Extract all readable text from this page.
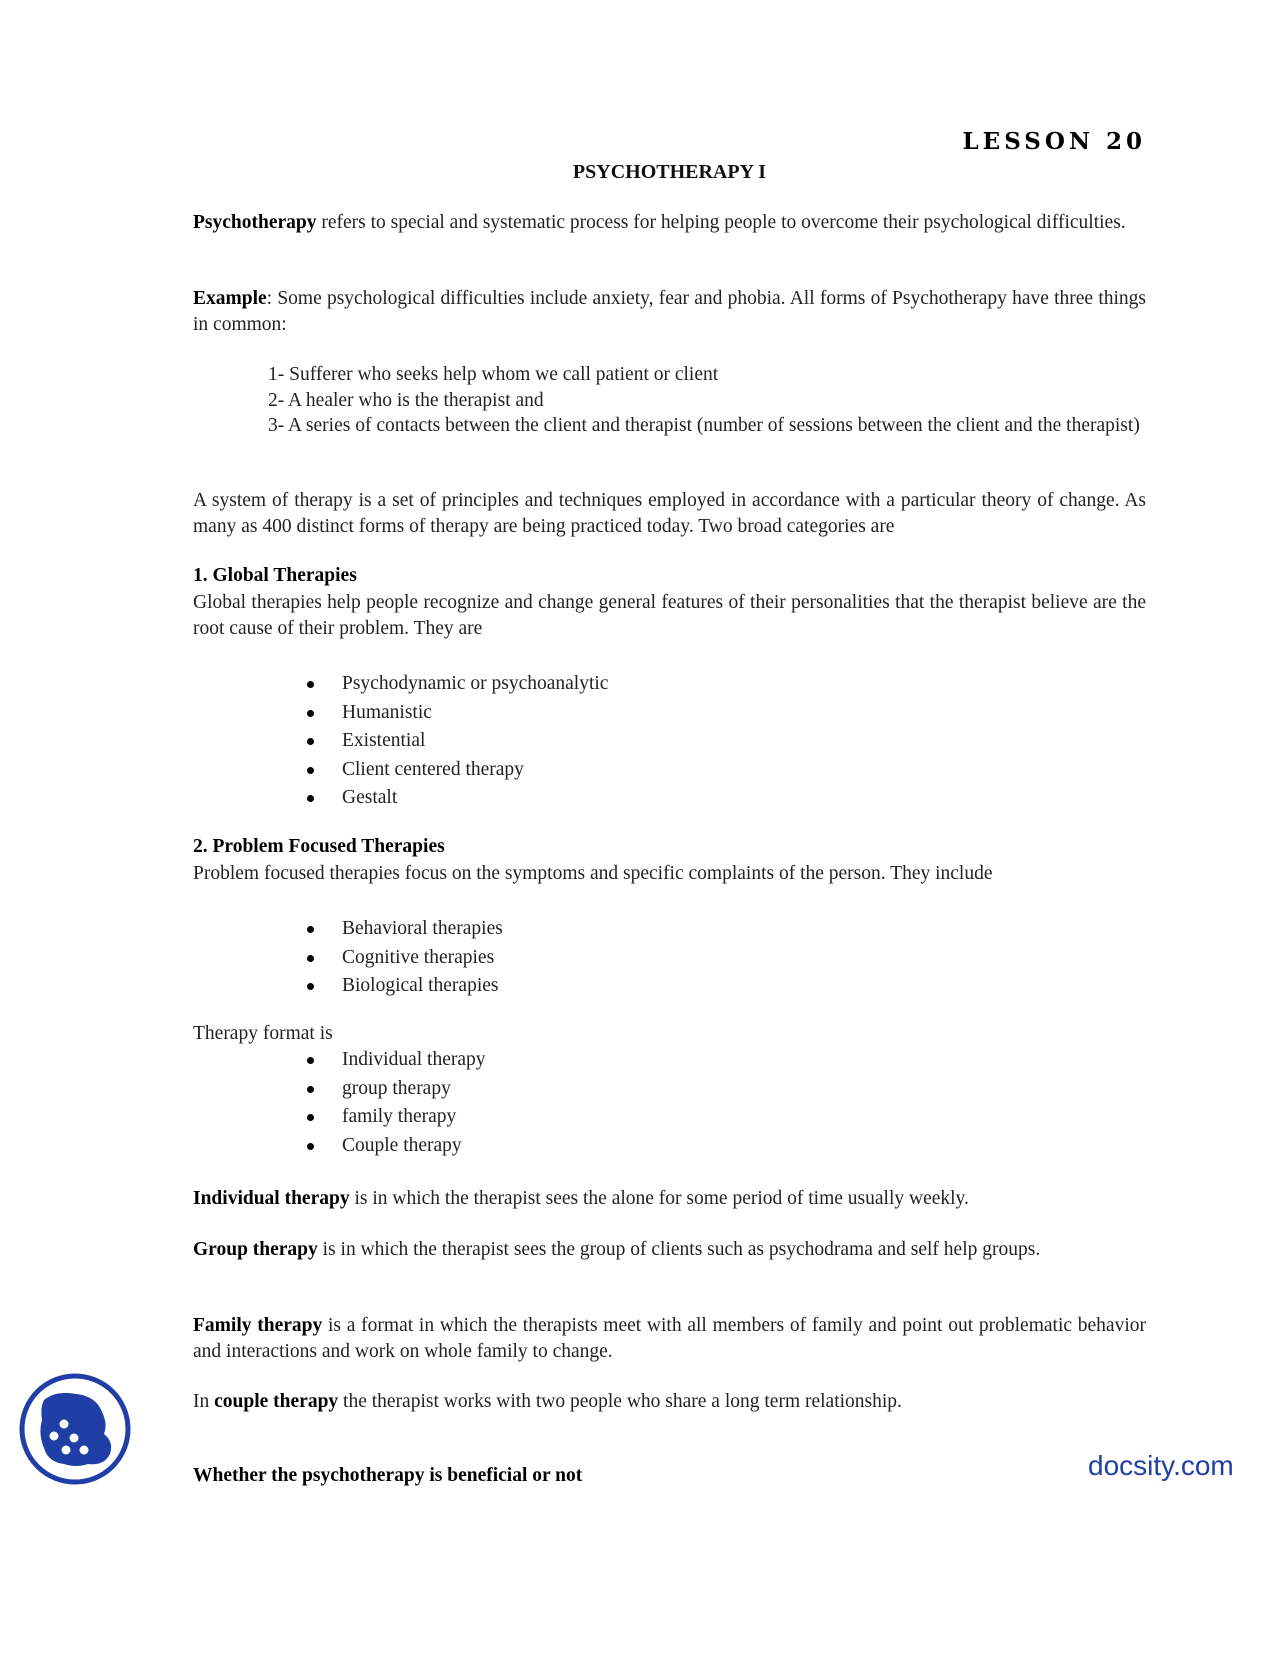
LESSON 20
PSYCHOTHERAPY I
Psychotherapy refers to special and systematic process for helping people to overcome their psychological difficulties.
Example: Some psychological difficulties include anxiety, fear and phobia. All forms of Psychotherapy have three things in common:
1- Sufferer who seeks help whom we call patient or client
2- A healer who is the therapist and
3- A series of contacts between the client and therapist (number of sessions between the client and the therapist)
A system of therapy is a set of principles and techniques employed in accordance with a particular theory of change. As many as 400 distinct forms of therapy are being practiced today. Two broad categories are
1. Global Therapies
Global therapies help people recognize and change general features of their personalities that the therapist believe are the root cause of their problem. They are
Psychodynamic or psychoanalytic
Humanistic
Existential
Client centered therapy
Gestalt
2. Problem Focused Therapies
Problem focused therapies focus on the symptoms and specific complaints of the person. They include
Behavioral therapies
Cognitive therapies
Biological therapies
Therapy format is
Individual therapy
group therapy
family therapy
Couple therapy
Individual therapy is in which the therapist sees the alone for some period of time usually weekly.
Group therapy is in which the therapist sees the group of clients such as psychodrama and self help groups.
Family therapy is a format in which the therapists meet with all members of family and point out problematic behavior and interactions and work on whole family to change.
In couple therapy the therapist works with two people who share a long term relationship.
Whether the psychotherapy is beneficial or not	docsity.com
